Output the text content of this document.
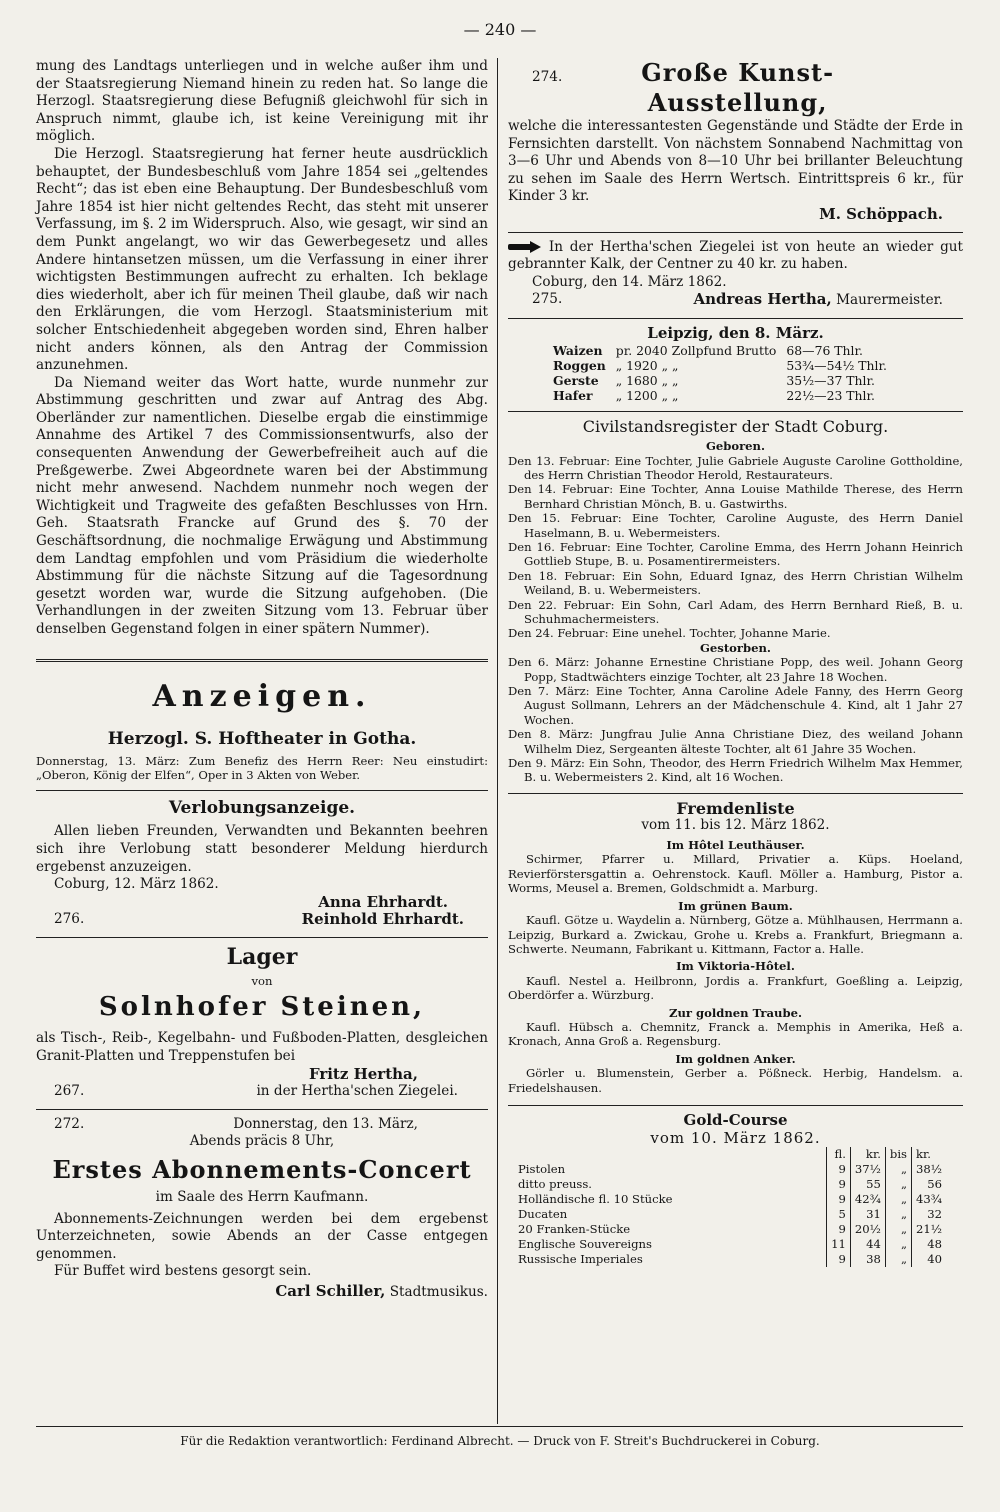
— 240 —

mung des Landtags unterliegen und in welche außer ihm und der Staatsregierung Niemand hinein zu reden hat. So lange die Herzogl. Staatsregierung diese Befugniß gleichwohl für sich in Anspruch nimmt, glaube ich, ist keine Vereinigung mit ihr möglich.

Die Herzogl. Staatsregierung hat ferner heute ausdrücklich behauptet, der Bundesbeschluß vom Jahre 1854 sei „geltendes Recht“; das ist eben eine Behauptung. Der Bundesbeschluß vom Jahre 1854 ist hier nicht geltendes Recht, das steht mit unserer Verfassung, im §. 2 im Widerspruch. Also, wie gesagt, wir sind an dem Punkt angelangt, wo wir das Gewerbegesetz und alles Andere hintansetzen müssen, um die Verfassung in einer ihrer wichtigsten Bestimmungen aufrecht zu erhalten. Ich beklage dies wiederholt, aber ich für meinen Theil glaube, daß wir nach den Erklärungen, die vom Herzogl. Staatsministerium mit solcher Entschiedenheit abgegeben worden sind, Ehren halber nicht anders können, als den Antrag der Commission anzunehmen.

Da Niemand weiter das Wort hatte, wurde nunmehr zur Abstimmung geschritten und zwar auf Antrag des Abg. Oberländer zur namentlichen. Dieselbe ergab die einstimmige Annahme des Artikel 7 des Commissionsentwurfs, also der consequenten Anwendung der Gewerbefreiheit auch auf die Preßgewerbe. Zwei Abgeordnete waren bei der Abstimmung nicht mehr anwesend. Nachdem nunmehr noch wegen der Wichtigkeit und Tragweite des gefaßten Beschlusses von Hrn. Geh. Staatsrath Francke auf Grund des §. 70 der Geschäftsordnung, die nochmalige Erwägung und Abstimmung dem Landtag empfohlen und vom Präsidium die wiederholte Abstimmung für die nächste Sitzung auf die Tagesordnung gesetzt worden war, wurde die Sitzung aufgehoben. (Die Verhandlungen in der zweiten Sitzung vom 13. Februar über denselben Gegenstand folgen in einer spätern Nummer).

Anzeigen.
Herzogl. S. Hoftheater in Gotha.

Donnerstag, 13. März: Zum Benefiz des Herrn Reer: Neu einstudirt: „Oberon, König der Elfen“, Oper in 3 Akten von Weber.

Verlobungsanzeige.

Allen lieben Freunden, Verwandten und Bekannten beehren sich ihre Verlobung statt besonderer Meldung hierdurch ergebenst anzuzeigen.

Coburg, 12. März 1862.
Anna Ehrhardt.
276.	Reinhold Ehrhardt.
Lager
von
Solnhofer Steinen,

als Tisch-, Reib-, Kegelbahn- und Fußboden-Platten, desgleichen Granit-Platten und Treppenstufen bei

Fritz Hertha,
267.	in der Hertha'schen Ziegelei.
272.	Donnerstag, den 13. März,
Abends präcis 8 Uhr,
Erstes Abonnements-Concert
im Saale des Herrn Kaufmann.

Abonnements-Zeichnungen werden bei dem ergebenst Unterzeichneten, sowie Abends an der Casse entgegen genommen.

Für Buffet wird bestens gesorgt sein.

Carl Schiller, Stadtmusikus.
274.	Große Kunst-Ausstellung,

welche die interessantesten Gegenstände und Städte der Erde in Fernsichten darstellt. Von nächstem Sonnabend Nachmittag von 3—6 Uhr und Abends von 8—10 Uhr bei brillanter Beleuchtung zu sehen im Saale des Herrn Wertsch. Eintrittspreis 6 kr., für Kinder 3 kr.

M. Schöppach.

In der Hertha'schen Ziegelei ist von heute an wieder gut gebrannter Kalk, der Centner zu 40 kr. zu haben.

Coburg, den 14. März 1862.
275.	Andreas Hertha, Maurermeister.
Leipzig, den 8. März.
Waizen	pr. 2040 Zollpfund Brutto	68—76 Thlr.
Roggen	„ 1920 „ „	53¾—54½ Thlr.
Gerste	„ 1680 „ „	35½—37 Thlr.
Hafer	„ 1200 „ „	22½—23 Thlr.
Civilstandsregister der Stadt Coburg.
Geboren.

Den 13. Februar: Eine Tochter, Julie Gabriele Auguste Caroline Gottholdine, des Herrn Christian Theodor Herold, Restaurateurs.

Den 14. Februar: Eine Tochter, Anna Louise Mathilde Therese, des Herrn Bernhard Christian Mönch, B. u. Gastwirths.

Den 15. Februar: Eine Tochter, Caroline Auguste, des Herrn Daniel Haselmann, B. u. Webermeisters.

Den 16. Februar: Eine Tochter, Caroline Emma, des Herrn Johann Heinrich Gottlieb Stupe, B. u. Posamentirermeisters.

Den 18. Februar: Ein Sohn, Eduard Ignaz, des Herrn Christian Wilhelm Weiland, B. u. Webermeisters.

Den 22. Februar: Ein Sohn, Carl Adam, des Herrn Bernhard Rieß, B. u. Schuhmachermeisters.

Den 24. Februar: Eine unehel. Tochter, Johanne Marie.

Gestorben.

Den 6. März: Johanne Ernestine Christiane Popp, des weil. Johann Georg Popp, Stadtwächters einzige Tochter, alt 23 Jahre 18 Wochen.

Den 7. März: Eine Tochter, Anna Caroline Adele Fanny, des Herrn Georg August Sollmann, Lehrers an der Mädchenschule 4. Kind, alt 1 Jahr 27 Wochen.

Den 8. März: Jungfrau Julie Anna Christiane Diez, des weiland Johann Wilhelm Diez, Sergeanten älteste Tochter, alt 61 Jahre 35 Wochen.

Den 9. März: Ein Sohn, Theodor, des Herrn Friedrich Wilhelm Max Hemmer, B. u. Webermeisters 2. Kind, alt 16 Wochen.

Fremdenliste
vom 11. bis 12. März 1862.
Im Hôtel Leuthäuser.

Schirmer, Pfarrer u. Millard, Privatier a. Küps. Hoeland, Revierförstersgattin a. Oehrenstock. Kaufl. Möller a. Hamburg, Pistor a. Worms, Meusel a. Bremen, Goldschmidt a. Marburg.

Im grünen Baum.

Kaufl. Götze u. Waydelin a. Nürnberg, Götze a. Mühlhausen, Herrmann a. Leipzig, Burkard a. Zwickau, Grohe u. Krebs a. Frankfurt, Briegmann a. Schwerte. Neumann, Fabrikant u. Kittmann, Factor a. Halle.

Im Viktoria-Hôtel.

Kaufl. Nestel a. Heilbronn, Jordis a. Frankfurt, Goeßling a. Leipzig, Oberdörfer a. Würzburg.

Zur goldnen Traube.

Kaufl. Hübsch a. Chemnitz, Franck a. Memphis in Amerika, Heß a. Kronach, Anna Groß a. Regensburg.

Im goldnen Anker.

Görler u. Blumenstein, Gerber a. Pößneck. Herbig, Handelsm. a. Friedelshausen.

Gold-Course
vom 10. März 1862.
	fl.	kr.	bis	kr.
Pistolen	9	37½	„	38½
ditto preuss.	9	55	„	56
Holländische fl. 10 Stücke	9	42¾	„	43¾
Ducaten	5	31	„	32
20 Franken-Stücke	9	20½	„	21½
Englische Souvereigns	11	44	„	48
Russische Imperiales	9	38	„	40
Für die Redaktion verantwortlich: Ferdinand Albrecht. — Druck von F. Streit's Buchdruckerei in Coburg.
